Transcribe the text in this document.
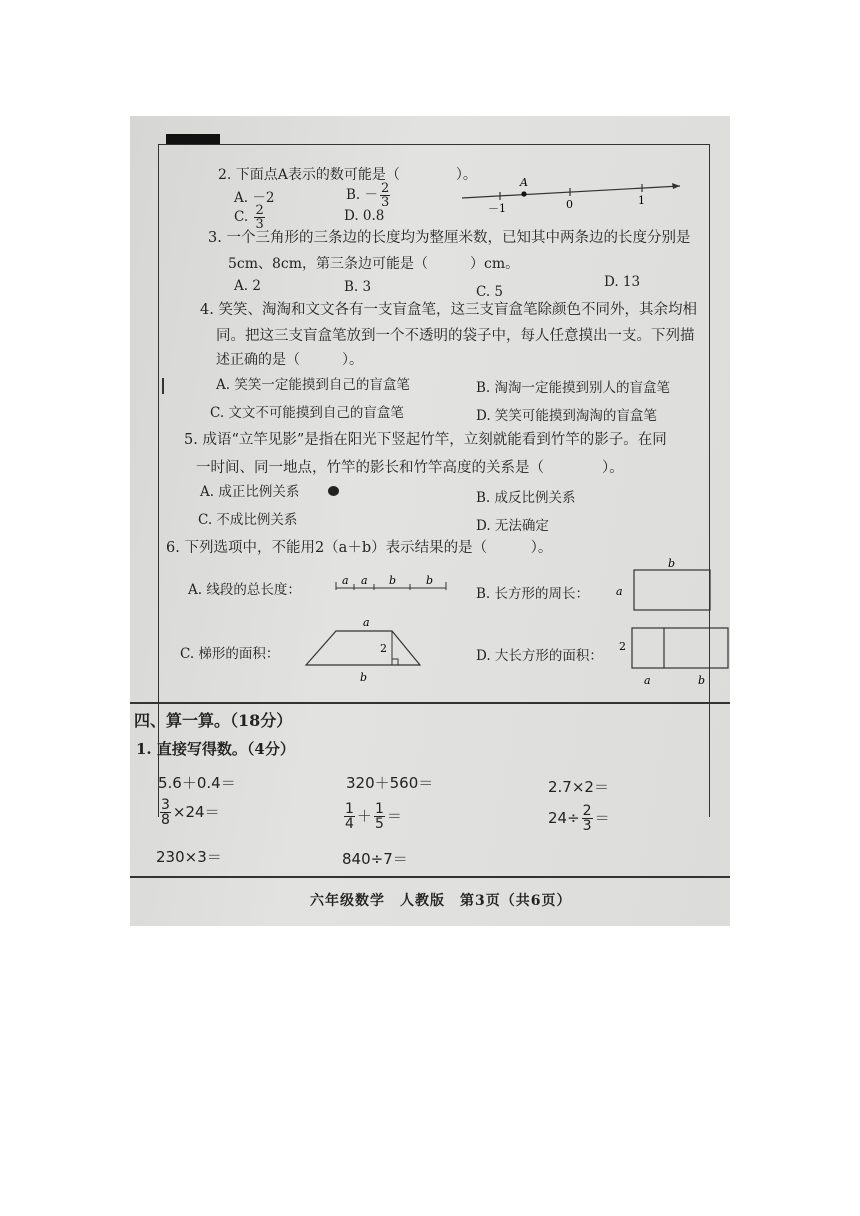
2. 下面点A表示的数可能是（　　　　）。
A. －2	B. － $\frac{2}{3}$
C. $\frac{2}{3}$	D. 0.8
A
－1	0	1
3. 一个三角形的三条边的长度均为整厘米数，已知其中两条边的长度分别是
5cm、8cm，第三条边可能是（　　　）cm。
A. 2	B. 3	C. 5
D. 13
4. 笑笑、淘淘和文文各有一支盲盒笔，这三支盲盒笔除颜色不同外，其余均相
同。把这三支盲盒笔放到一个不透明的袋子中，每人任意摸出一支。下列描
述正确的是（　　　）。
A. 笑笑一定能摸到自己的盲盒笔	B. 淘淘一定能摸到别人的盲盒笔
C. 文文不可能摸到自己的盲盒笔	D. 笑笑可能摸到淘淘的盲盒笔
5. 成语“立竿见影”是指在阳光下竖起竹竿，立刻就能看到竹竿的影子。在同
一时间、同一地点，竹竿的影长和竹竿高度的关系是（　　　　）。
A. 成正比例关系	B. 成反比例关系
C. 不成比例关系	D. 无法确定
6. 下列选项中，不能用2（a＋b）表示结果的是（　　　）。
A. 线段的总长度：
a a b	b
B. 长方形的周长：
b
a
C. 梯形的面积：
a
2
b
D. 大长方形的面积：
2
a	b
四、算一算。（18分）
1. 直接写得数。（4分）
5.6＋0.4＝	320＋560＝	2.7×2＝
$\frac{3}{8} \times 24=$	$\frac{1}{4} + \frac{1}{5}$ ＝	$24\div \frac{2}{3}$ ＝
230×3＝	840÷7＝
六年级数学　人教版　第3页（共6页）
